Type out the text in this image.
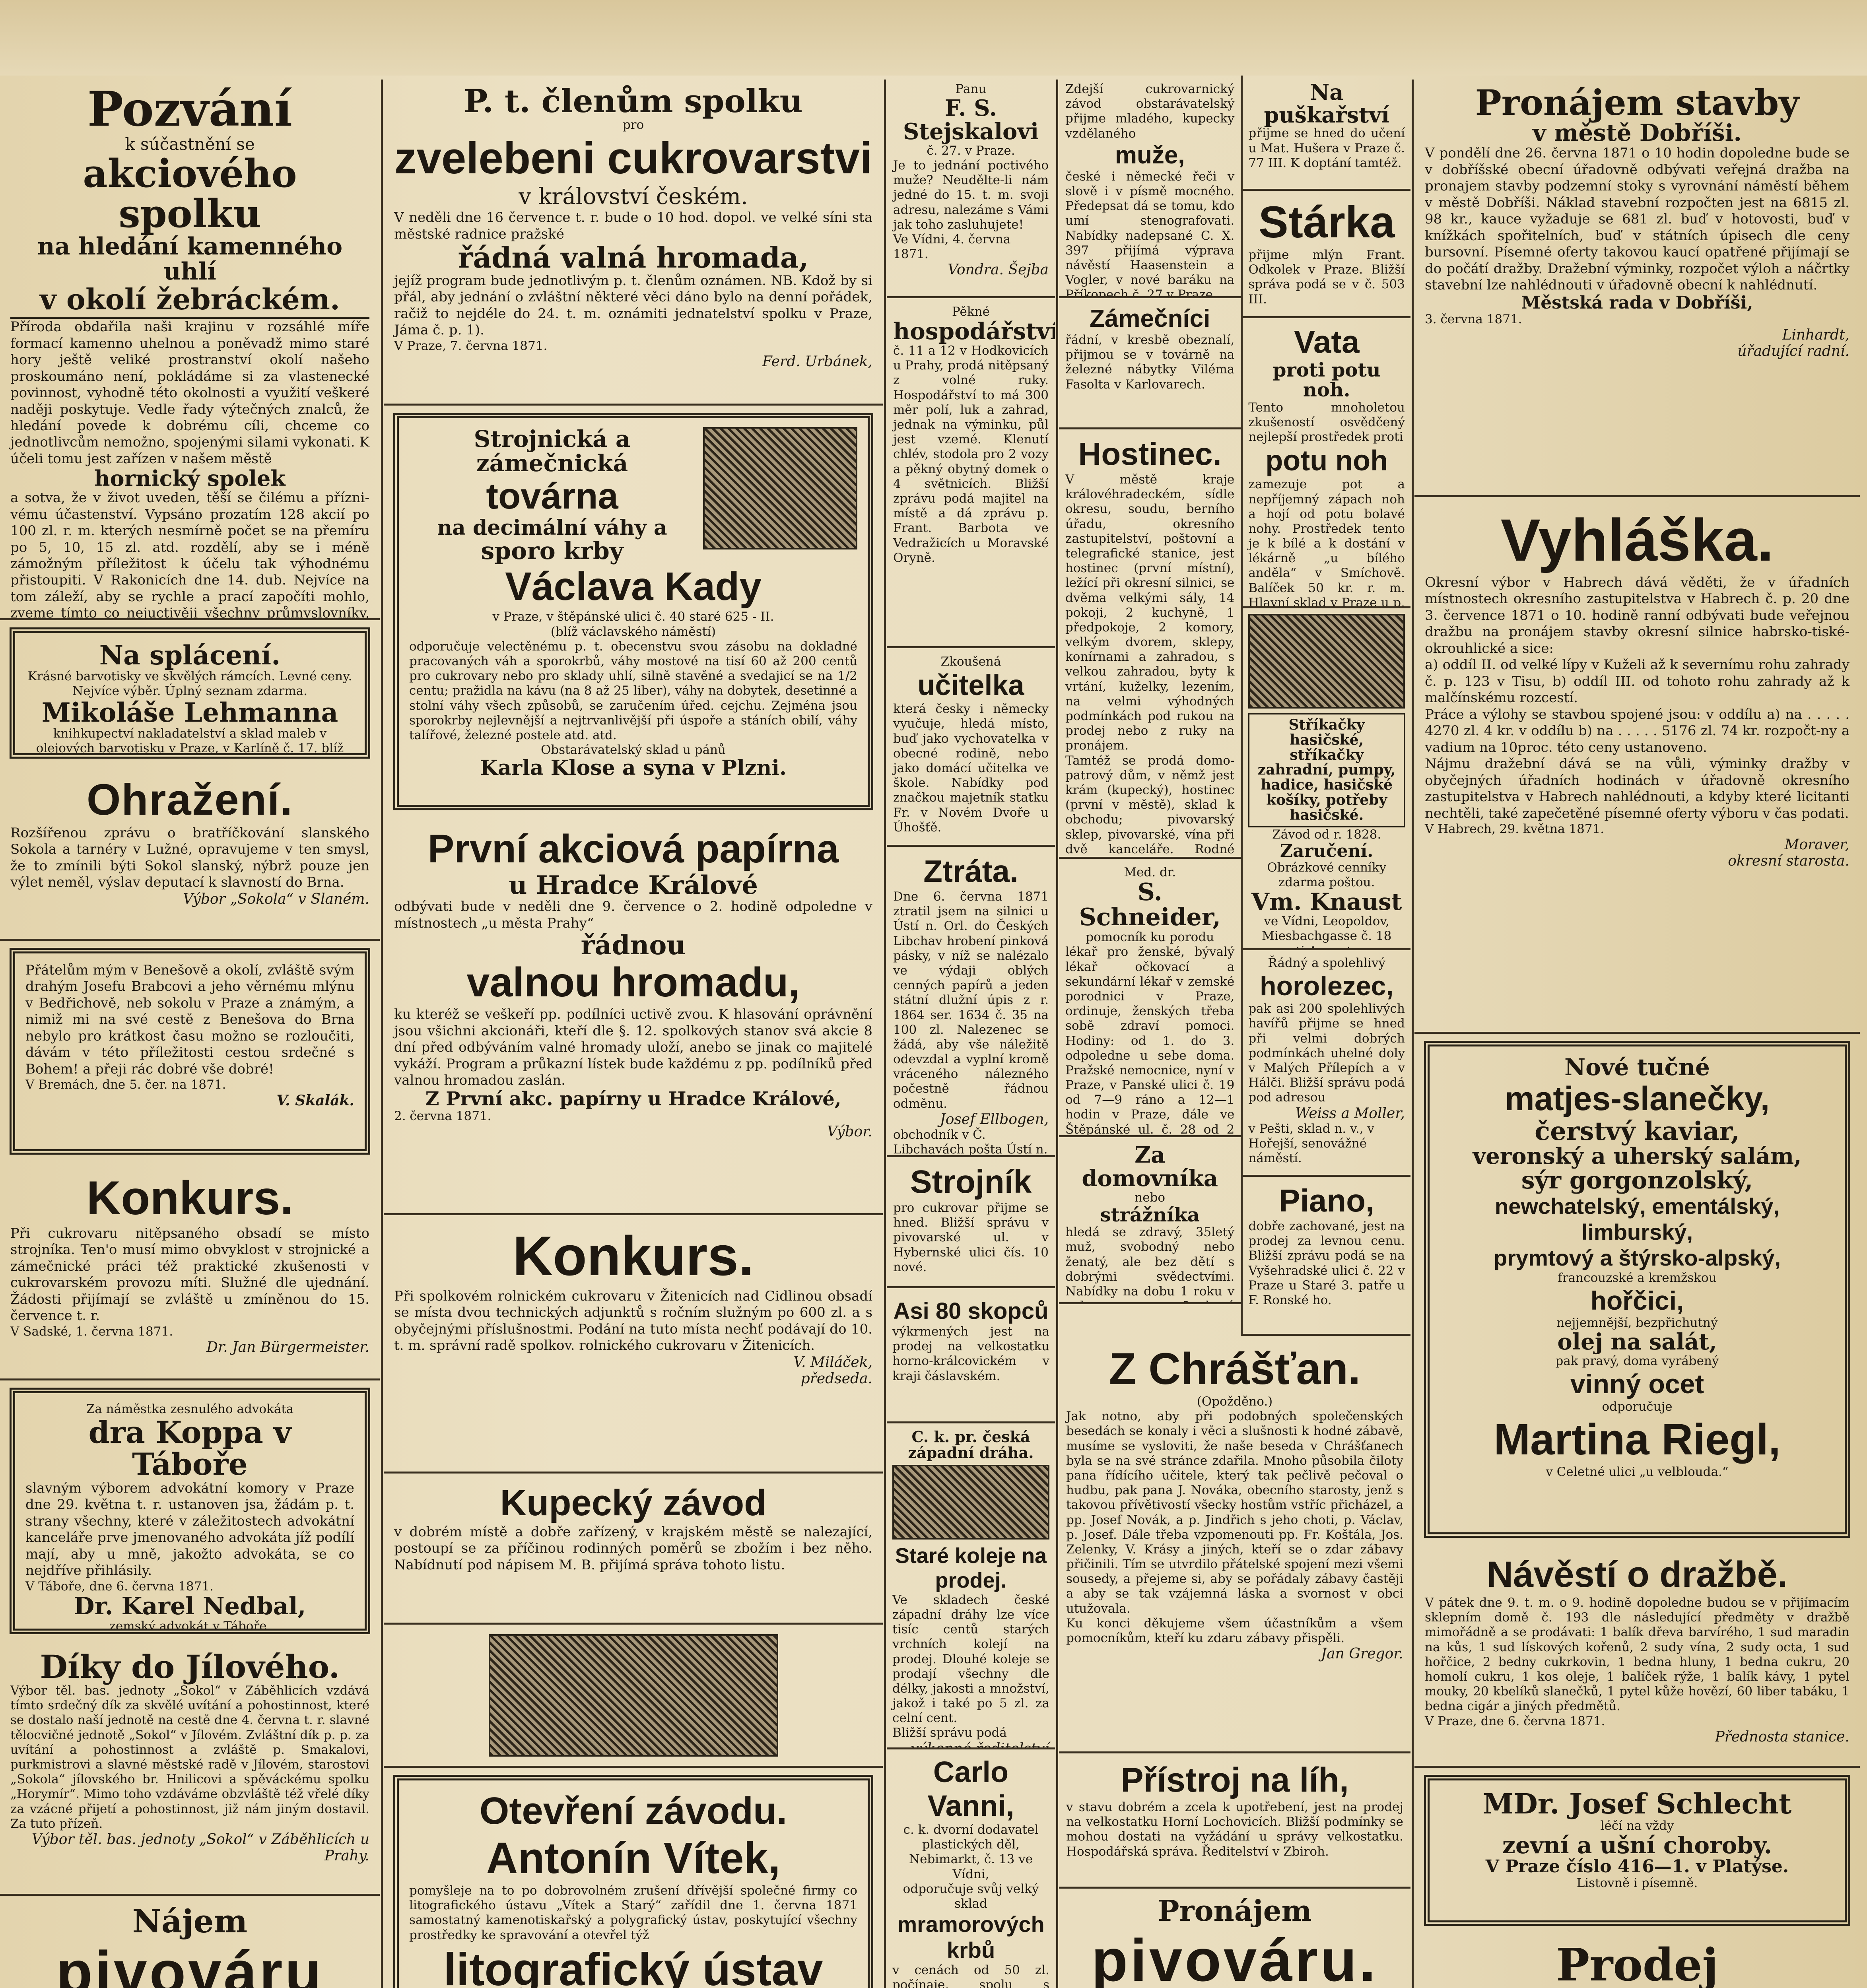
Pozvání
k súčastnění se
akciového spolku
na hledání kamenného uhlí
v okolí žebráckém.
Příroda obdařila naši krajinu v rozsáhlé míře formací kamenno uhelnou a poněvadž mimo staré hory ještě veliké prostranství okolí našeho proskoumáno není, pokládáme si za vlastenecké povinnost, vyhodně této okolnosti a využití veškeré naději poskytuje. Vedle řady výtečných znalců, že hledání povede k dobrému cíli, chceme co jednotlivcům nemožno, spojenými silami vykonati. K účeli tomu jest zařízen v našem městě
hornický spolek
a sotva, že v život uveden, těší se čilému a přízni-vému účastenství. Vypsáno prozatím 128 akcií po 100 zl. r. m. kterých nesmírně počet se na přemíru po 5, 10, 15 zl. atd. rozdělí, aby se i méně zámožným příležitost k účelu tak výhodnému přistoupiti. V Rakonicích dne 14. dub. Nejvíce na tom záleží, aby se rychle a prací započíti mohlo, zveme tímto co nejuctivěji všechny průmyslovníky,
Na splácení.
Krásné barvotisky ve skvělých rámcích. Levné ceny. Nejvíce výběr. Úplný seznam zdarma.
Mikoláše Lehmanna
knihkupectví nakladatelství a sklad maleb v olejových barvotisku v Praze, v Karlíně č. 17. blíž
Ohražení.
Rozšířenou zprávu o bratříčkování slanského Sokola a tarnéry v Lužné, opravujeme v ten smysl, že to zmínili býti Sokol slanský, nýbrž pouze jen výlet neměl, výslav deputací k slavností do Brna.
Výbor „Sokola“ v Slaném.
Přátelům mým v Benešově a okolí, zvláště svým drahým Josefu Brabcovi a jeho věrnému mlýnu v Bedřichově, neb sokolu v Praze a známým, a nimiž mi na své cestě z Benešova do Brna nebylo pro krátkost času možno se rozloučiti, dávám v této příležitosti cestou srdečné s Bohem! a přeji rác dobré vše dobré!
V Bremách, dne 5. čer. na 1871.
V. Skalák.
Konkurs.
Při cukrovaru nitěpsaného obsadí se místo strojníka. Ten'o musí mimo obvyklost v strojnické a zámečnické práci též praktické zkušenosti v cukrovarském provozu míti. Služné dle ujednání. Žádosti přijímají se zvláště u zmíněnou do 15. července t. r.
V Sadské, 1. června 1871.
Dr. Jan Bürgermeister.
Za náměstka zesnulého advokáta
dra Koppa v Táboře
slavným výborem advokátní komory v Praze dne 29. května t. r. ustanoven jsa, žádám p. t. strany všechny, které v záležitostech advokátní kanceláře prve jmenovaného advokáta jíž podílí mají, aby u mně, jakožto advokáta, se co nejdříve přihlásily.
V Táboře, dne 6. června 1871.
Dr. Karel Nedbal,
zemský advokát v Táboře.
Díky do Jílového.
Výbor těl. bas. jednoty „Sokol“ v Záběhlicích vzdává tímto srdečný dík za skvělé uvítání a pohostinnost, které se dostalo naší jednotě na cestě dne 4. června t. r. slavné tělocvičné jednotě „Sokol“ v Jílovém. Zvláštní dík p. p. za uvítání a pohostinnost a zvláště p. Smakalovi, purkmistrovi a slavné městské radě v Jílovém, starostovi „Sokola“ jílovského br. Hnilicovi a spěváckému spolku „Horymír“. Mimo toho vzdáváme obzvláště též vřelé díky za vzácné přijetí a pohostinnost, již nám jiným dostavil. Za tuto přízeň.
Výbor těl. bas. jednoty „Sokol“ v Záběhlicích u Prahy.
Nájem
pivováru
P. t. členům spolku
pro
zvelebeni cukrovarstvi
v království českém.
V neděli dne 16 července t. r. bude o 10 hod. dopol. ve velké síni sta městské radnice pražské
řádná valná hromada,
jejíž program bude jednotlivým p. t. členům oznámen. NB. Kdož by si přál, aby jednání o zvláštní některé věci dáno bylo na denní pořádek, račiž to nejdéle do 24. t. m. oznámiti jednatelství spolku v Praze, Jáma č. p. 1).
V Praze, 7. června 1871.
Ferd. Urbánek,
Strojnická a zámečnická
továrna
na decimální váhy a
sporo krby
Václava Kady
v Praze, v štěpánské ulici č. 40 staré 625 - II.
(blíž václavského náměstí)
odporučuje velectěnému p. t. obecenstvu svou zásobu na dokladné pracovaných váh a sporokrbů, váhy mostové na tisí 60 až 200 centů pro cukrovary nebo pro sklady uhlí, silně stavěné a svedajicí se na 1/2 centu; pražidla na kávu (na 8 až 25 liber), váhy na dobytek, desetinné a stolní váhy všech způsobů, se zaručením úřed. cejchu. Zejména jsou sporokrby nejlevnější a nejtrvanlivější při úspoře a stáních obilí, váhy talířové, železné postele atd. atd.
Obstarávatelský sklad u pánů
Karla Klose a syna v Plzni.
První akciová papírna
u Hradce Králové
odbývati bude v neděli dne 9. července o 2. hodině odpoledne v místnostech „u města Prahy“
řádnou
valnou hromadu,
ku kteréž se veškeří pp. podílníci uctivě zvou. K hlasování oprávnění jsou všichni akcionáři, kteří dle §. 12. spolkových stanov svá akcie 8 dní před odbýváním valné hromady uloží, anebo se jinak co majitelé vykáží. Program a průkazní lístek bude každému z pp. podílníků před valnou hromadou zaslán.
Z První akc. papírny u Hradce Králové,
2. června 1871.
Výbor.
Konkurs.
Při spolkovém rolnickém cukrovaru v Žitenicích nad Cidlinou obsadí se místa dvou technických adjunktů s ročním služným po 600 zl. a s obyčejnými příslušnostmi. Podání na tuto místa nechť podávají do 10. t. m. správní radě spolkov. rolnického cukrovaru v Žitenicích.
V. Miláček,
předseda.
Kupecký závod
v dobrém místě a dobře zařízený, v krajském městě se nalezající, postoupí se za příčinou rodinných poměrů se zbožím i bez něho. Nabídnutí pod nápisem M. B. přijímá správa tohoto listu.
Otevření závodu.
Antonín Vítek,
pomyšleje na to po dobrovolném zrušení dřívější společné firmy co litografického ústavu „Vítek a Starý“ zařídil dne 1. června 1871 samostatný kamenotiskařský a polygrafický ústav, poskytující všechny prostředky ke spravování a otevřel týž
litografický ústav
Panu
F. S. Stejskalovi
č. 27. v Praze.
Je to jednání poctivého muže? Neudělte-li nám jedné do 15. t. m. svoji adresu, nalezáme s Vámi jak toho zasluhujete!
Ve Vídni, 4. června 1871.
Vondra. Šejba
Pěkné
hospodářství
č. 11 a 12 v Hodkovicích u Prahy, prodá nitěpsaný z volné ruky. Hospodářství to má 300 měr polí, luk a zahrad, jednak na výminku, půl jest vzemé. Klenutí chlév, stodola pro 2 vozy a pěkný obytný domek o 4 světnicích. Bližší zprávu podá majitel na místě a dá zprávu p. Frant. Barbota ve Vedražicích u Moravské Oryně.
Zkoušená
učitelka
která česky i německy vyučuje, hledá místo, buď jako vychovatelka v obecné rodině, nebo jako domácí učitelka ve škole. Nabídky pod značkou majetník statku Fr. v Novém Dvoře u Úhošťě.
Ztráta.
Dne 6. června 1871 ztratil jsem na silnici u Ústí n. Orl. do Českých Libchav hrobení pinková pásky, v níž se nalézalo ve výdaji oblých cenných papírů a jeden státní dlužní úpis z r. 1864 ser. 1634 č. 35 na 100 zl. Nalezenec se žádá, aby vše náležitě odevzdal a vyplní kromě vráceného nálezného počestně řádnou odměnu.
Josef Ellbogen,
obchodník v Č. Libchavách pošta Ústí n.
Strojník
pro cukrovar přijme se hned. Bližší správu v pivovarské ul. v Hybernské ulici čís. 10 nové.
Zdejší cukrovarnický závod obstarávatelský přijme mladého, kupecky vzdělaného
muže,
české i německé řeči v slově i v písmě mocného. Předepsat dá se tomu, kdo umí stenografovati. Nabídky nadepsané C. X. 397 přijímá výprava návěstí Haasenstein a Vogler, v nové baráku na Příkopech č. 27 v Praze.
Zámečníci
řádní, v kresbě obeznalí, přijmou se v továrně na železné nábytky Viléma Fasolta v Karlovarech.
Hostinec.
V městě kraje královéhradeckém, sídle okresu, soudu, berního úřadu, okresního zastupitelství, poštovní a telegrafické stanice, jest hostinec (první místní), ležící při okresní silnici, se dvěma velkými sály, 14 pokoji, 2 kuchyně, 1 předpokoje, 2 komory, velkým dvorem, sklepy, konírnami a zahradou, s velkou zahradou, byty k vrtání, kuželky, lezením, na velmi výhodných podmínkách pod rukou na prodej nebo z ruky na pronájem.
Tamtéž se prodá domo-patrový dům, v němž jest krám (kupecký), hostinec (první v městě), sklad k obchodu; pivovarský sklep, pivovarské, vína při dvě kanceláře. Rodné
Med. dr.
S. Schneider,
pomocník ku porodu
lékař pro ženské, bývalý lékař očkovací a sekundární lékař v zemské porodnici v Praze, ordinuje, ženských třeba sobě zdraví pomoci. Hodiny: od 1. do 3. odpoledne u sebe doma. Pražské nemocnice, nyní v Praze, v Panské ulici č. 19 od 7—9 ráno a 12—1 hodin v Praze, dále ve Štěpánské ul. č. 28 od 2
Za domovníka
nebo
strážníka
hledá se zdravý, 35letý muž, svobodný nebo ženatý, ale bez dětí s dobrými svědectvími. Nabídky na dobu 1 roku v
Na puškařství
přijme se hned do učení u Mat. Hušera v Praze č. 77 III. K doptání tamtéž.
Stárka
přijme mlýn Frant. Odkolek v Praze. Bližší správa podá se v č. 503 III.
Vata
proti potu noh.
Tento mnoholetou zkušeností osvědčený nejlepší prostředek proti
potu noh
zamezuje pot a nepříjemný zápach noh a hojí od potu bolavé nohy. Prostředek tento je k bílé a k dostání v lékárně „u bílého anděla“ v Smíchově. Balíček 50 kr. r. m. Hlavní sklad v Praze u p.
Stříkačky hasičské, stříkačky zahradní, pumpy, hadice, hasičské košíky, potřeby hasičské.
Závod od r. 1828.
Zaručení.
Obrázkové cenníky zdarma poštou.
Vm. Knaust
ve Vídni, Leopoldov, Miesbachgasse č. 18
Řádný a spolehlivý
horolezec,
pak asi 200 spolehlivých havířů přijme se hned při velmi dobrých podmínkách uhelné doly v Malých Přílepích a v Hálči. Bližší správu podá pod adresou
Weiss a Moller,
v Pešti, sklad n. v., v Hořejší, senovážné náměstí.
Piano,
dobře zachované, jest na prodej za levnou cenu. Bližší zprávu podá se na Vyšehradské ulici č. 22 v Praze u Staré 3. patře u F. Ronské ho.
Z Chrášťan.
(Opožděno.)
Jak notno, aby při podobných společenských besedách se konaly i věci a slušnosti k hodné zábavě, musíme se vysloviti, že naše beseda v Chrášťanech byla se na své stránce zdařila. Mnoho působila čiloty pana řídícího učitele, který tak pečlivě pečoval o hudbu, pak pana J. Nováka, obecního starosty, jenž s takovou přívětivostí všecky hostům vstříc přicházel, a pp. Josef Novák, a p. Jindřich s jeho choti, p. Václav, p. Josef. Dále třeba vzpomenouti pp. Fr. Koštála, Jos. Zelenky, V. Krásy a jiných, kteří se o zdar zábavy přičinili. Tím se utvrdilo přátelské spojení mezi všemi sousedy, a přejeme si, aby se pořádaly zábavy častěji a aby se tak vzájemná láska a svornost v obci utužovala.
Ku konci děkujeme všem účastníkům a všem pomocníkům, kteří ku zdaru zábavy přispěli.
Jan Gregor.
Přístroj na líh,
v stavu dobrém a zcela k upotřebení, jest na prodej na velkostatku Horní Lochovicích. Bližší podmínky se mohou dostati na vyžádání u správy velkostatku. Hospodářská správa. Ředitelství v Zbiroh.
Pronájem
pivováru.
Asi 80 skopců
výkrmených jest na prodej na velkostatku horno-králcovickém v kraji čáslavském.
C. k. pr. česká západní dráha.
Staré koleje na prodej.
Ve skladech české západní dráhy lze více tisíc centů starých vrchních kolejí na prodej. Dlouhé koleje se prodají všechny dle délky, jakosti a množství, jakož i také po 5 zl. za celní cent.
Bližší správu podá
výkonné ředitelství
Carlo Vanni,
c. k. dvorní dodavatel plastických děl, Nebimarkt, č. 13 ve Vídni,
odporučuje svůj velký sklad
mramorových krbů
v cenách od 50 zl. počínaje, spolu s
Pronájem stavby
v městě Dobříši.
V pondělí dne 26. června 1871 o 10 hodin dopoledne bude se v dobříšské obecní úřadovně odbývati veřejná dražba na pronajem stavby podzemní stoky s vyrovnání náměstí během v městě Dobříši. Náklad stavební rozpočten jest na 6815 zl. 98 kr., kauce vyžaduje se 681 zl. buď v hotovosti, buď v knížkách spořitelních, buď v státních úpisech dle ceny bursovní. Písemné oferty takovou kaucí opatřené přijímají se do počátí dražby. Dražební výminky, rozpočet výloh a náčrtky stavební lze nahlédnouti v úřadovně obecní k nahlédnutí.
Městská rada v Dobříši,
3. června 1871.
Linhardt,
úřadující radní.
Vyhláška.
Okresní výbor v Habrech dává věděti, že v úřadních místnostech okresního zastupitelstva v Habrech č. p. 20 dne 3. července 1871 o 10. hodině ranní odbývati bude veřejnou dražbu na pronájem stavby okresní silnice habrsko-tiské-okrouhlické a sice:
a) oddíl II. od velké lípy v Kuželi až k severnímu rohu zahrady č. p. 123 v Tisu, b) oddíl III. od tohoto rohu zahrady až k malčínskému rozcestí.
Práce a výlohy se stavbou spojené jsou: v oddílu a) na . . . . . 4270 zl. 4 kr. v oddílu b) na . . . . . 5176 zl. 74 kr. rozpočt-ny a vadium na 10proc. této ceny ustanoveno.
Nájmu dražební dává se na vůli, výminky dražby v obyčejných úřadních hodinách v úřadovně okresního zastupitelstva v Habrech nahlédnouti, a kdyby které licitanti nechtěli, také zapečetěné písemné oferty výboru v čas podati.
V Habrech, 29. května 1871.
Moraver,
okresní starosta.
Nové tučné
matjes-slanečky,
čerstvý kaviar,
veronský a uherský salám,
sýr gorgonzolský,
newchatelský, ementálský, limburský,
prymtový a štýrsko-alpský,
francouzské a kremžskou
hořčici,
nejjemnější, bezpřichutný
olej na salát,
pak pravý, doma vyrábený
vinný ocet
odporučuje
Martina Riegl,
v Celetné ulici „u velblouda.“
Návěstí o dražbě.
V pátek dne 9. t. m. o 9. hodině dopoledne budou se v přijímacím sklepním domě č. 193 dle následující předměty v dražbě mimořádně a se prodávati: 1 balík dřeva barvírého, 1 sud maradin na kůs, 1 sud lískových kořenů, 2 sudy vína, 2 sudy octa, 1 sud hořčice, 2 bedny cukrkovin, 1 bedna hluny, 1 bedna cukru, 20 homolí cukru, 1 kos oleje, 1 balíček rýže, 1 balík kávy, 1 pytel mouky, 20 kbelíků slanečků, 1 pytel kůže hovězí, 60 liber tabáku, 1 bedna cigár a jiných předmětů.
V Praze, dne 6. června 1871.
Přednosta stanice.
MDr. Josef Schlecht
léčí na vždy
zevní a ušní choroby.
V Praze číslo 416—1. v Platýse.
Listovně i písemně.
Prodej
